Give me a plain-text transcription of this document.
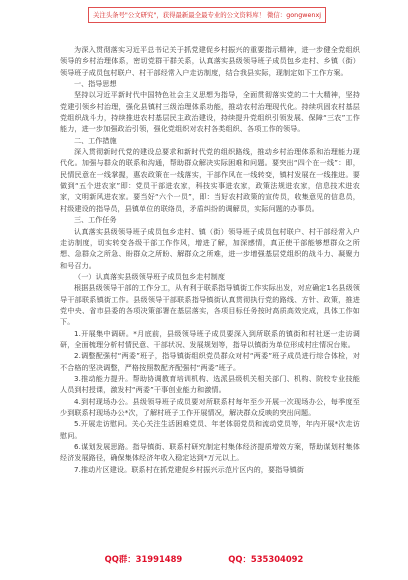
关注头条号"公文研究"，获得最新最全最专业的公文资料库！ 微信：gongwenxj

为深入贯彻落实习近平总书记关于抓党建促乡村振兴的重要指示精神，进一步健全党组织领导的乡村治理体系，密切党群干群关系，认真落实县级领导班子成员包乡走村、乡镇（街）领导班子成员包村联户、村干部经常入户走访制度，结合我县实际，现制定如下工作方案。

一、指导思想

坚持以习近平新时代中国特色社会主义思想为指导，全面贯彻落实党的二十大精神，坚持党建引领乡村治理，强化县镇村三级治理体系功能，推动农村治理现代化。持续巩固农村基层党组织战斗力，持续推进农村基层民主政治建设，持续提升党组织引领发展、保障“三农”工作能力，进一步加强政治引领，强化党组织对农村各类组织、各项工作的领导。

二、工作措施

深入贯彻新时代党的建设总要求和新时代党的组织路线，推动乡村治理体系和治理能力现代化。加强与群众的联系和沟通，帮助群众解决实际困难和问题。要突出“四个在一线”：即，民情民意在一线掌握，惠农政策在一线落实，干部作风在一线转变，镇村发展在一线推进。要做到“五个进农家”即：党员干部进农家，科技实事进农家，政策法规进农家，信息技术进农家，文明新风进农家。要当好“六个一员”，即：当好农村政策的宣传员，收集意见的信息员，村级建设的指导员，县镇单位的联络员，矛盾纠纷的调解员，实际问题的办事员。

三、工作任务

认真落实县级领导班子成员包乡走村、镇（街）领导班子成员包村联户、村干部经常入户走访制度，切实转变各级干部工作作风，增进了解，加深感情，真正使干部能够想群众之所想、急群众之所急、盼群众之所盼、解群众之所难，进一步增强基层党组织的战斗力、凝聚力和号召力。

（一）认真落实县级领导班子成员包乡走村制度

根据县级领导干部的工作分工，从有利于联系指导镇街工作实际出发，对应确定1名县级领导干部联系镇街工作。县级领导干部联系指导镇街认真贯彻执行党的路线、方针、政策，推进党中央、省市县委的各项决策部署在基层落实，各项目标任务按时高质高效完成，具体工作如下。

1.开展集中调研。*月底前，县级领导班子成员要深入到所联系的镇街和村社逐一走访调研，全面梳理分析村情民意、干部状况、发展规划等，指导以镇街为单位形成村庄情况台账。

2.调整配强村“两委”班子，指导镇街组织党员群众对村“两委”班子成员进行综合体检，对不合格的坚决调整，严格按照数配齐配强村“两委”班子。

3.推动能力提升。帮助协调教育培训机构、选派县级机关相关部门、机构、院校专业技能人员到村授课，激发村“两委”干事创业能力和激情。

4.到村现场办公。县级领导班子成员要对所联系村每年至少开展一次现场办公，每季度至少到联系村现场办公*次，了解村班子工作开展情况，解决群众反映的突出问题。

5.开展走访慰问。关心关注生活困难党员、年老体弱党员和流动党员等，年内开展*次走访慰问。

6.谋划发展思路。指导镇街、联系村研究制定村集体经济提质增效方案，帮助谋划村集体经济发展路径，确保集体经济年收入稳定达到*万元以上。

7.推动片区建设。联系村在抓党建促乡村振兴示范片区内的，要指导镇街

QQ群：31991489	QQ：535304092
